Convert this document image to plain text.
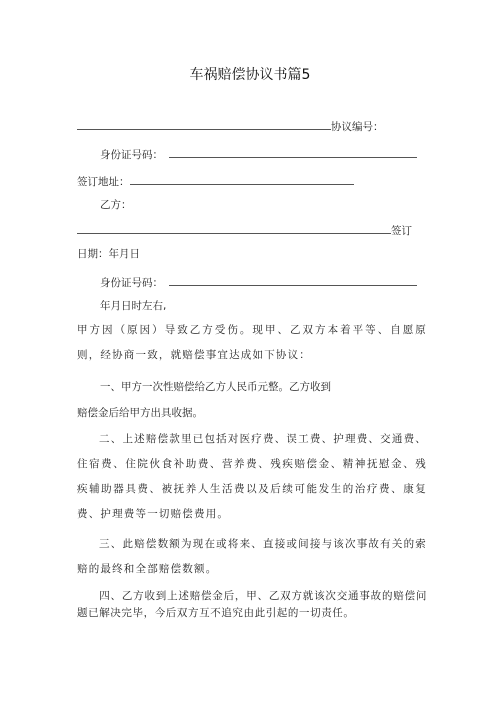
车祸赔偿协议书篇5
协议编号：
身份证号码：
签订地址：
乙方：
签订
日期：年月日
身份证号码：
年月日时左右,
甲方因（原因）导致乙方受伤。现甲、乙双方本着平等、自愿原则，经协商一致，就赔偿事宜达成如下协议：
一、甲方一次性赔偿给乙方人民币元整。乙方收到
赔偿金后给甲方出具收据。
二、上述赔偿款里已包括对医疗费、误工费、护理费、交通费、住宿费、住院伙食补助费、营养费、残疾赔偿金、精神抚慰金、残疾辅助器具费、被抚养人生活费以及后续可能发生的治疗费、康复费、护理费等一切赔偿费用。
三、此赔偿数额为现在或将来、直接或间接与该次事故有关的索赔的最终和全部赔偿数额。
四、乙方收到上述赔偿金后，甲、乙双方就该次交通事故的赔偿问题已解决完毕，今后双方互不追究由此引起的一切责任。
